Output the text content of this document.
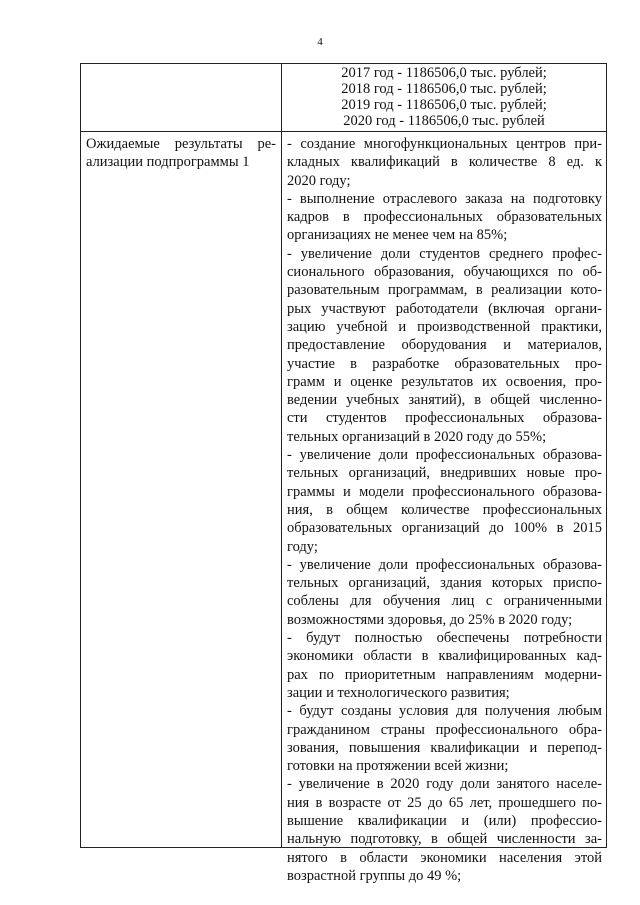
4
2017 год - 1186506,0 тыс. рублей;
2018 год - 1186506,0 тыс. рублей;
2019 год - 1186506,0 тыс. рублей;
2020 год - 1186506,0 тыс. рублей
Ожидаемые результаты ре-
ализации подпрограммы 1
- создание многофункциональных центров при-
кладных квалификаций в количестве 8 ед. к
2020 году;
- выполнение отраслевого заказа на подготовку
кадров в профессиональных образовательных
организациях не менее чем на 85%;
- увеличение доли студентов среднего профес-
сионального образования, обучающихся по об-
разовательным программам, в реализации кото-
рых участвуют работодатели (включая органи-
зацию учебной и производственной практики,
предоставление оборудования и материалов,
участие в разработке образовательных про-
грамм и оценке результатов их освоения, про-
ведении учебных занятий), в общей численно-
сти студентов профессиональных образова-
тельных организаций в 2020 году до 55%;
- увеличение доли профессиональных образова-
тельных организаций, внедривших новые про-
граммы и модели профессионального образова-
ния, в общем количестве профессиональных
образовательных организаций до 100% в 2015
году;
- увеличение доли профессиональных образова-
тельных организаций, здания которых приспо-
соблены для обучения лиц с ограниченными
возможностями здоровья, до 25% в 2020 году;
- будут полностью обеспечены потребности
экономики области в квалифицированных кад-
рах по приоритетным направлениям модерни-
зации и технологического развития;
- будут созданы условия для получения любым
гражданином страны профессионального обра-
зования, повышения квалификации и перепод-
готовки на протяжении всей жизни;
- увеличение в 2020 году доли занятого населе-
ния в возрасте от 25 до 65 лет, прошедшего по-
вышение квалификации и (или) профессио-
нальную подготовку, в общей численности за-
нятого в области экономики населения этой
возрастной группы до 49 %;
